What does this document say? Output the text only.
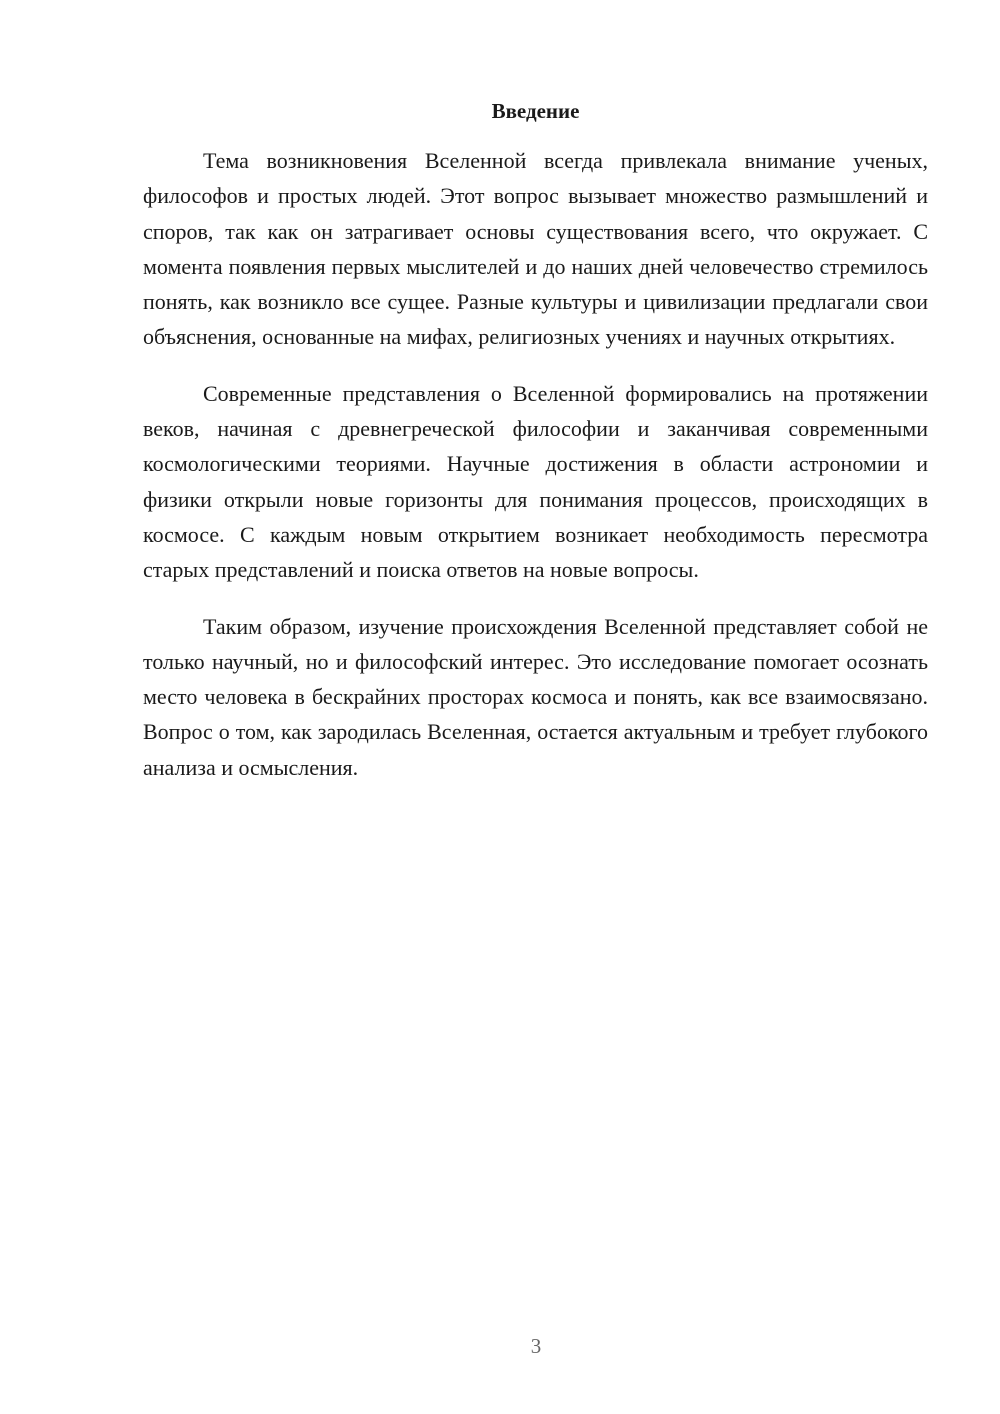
Введение

Тема возникновения Вселенной всегда привлекала внимание ученых, философов и простых людей. Этот вопрос вызывает множество размышлений и споров, так как он затрагивает основы существования всего, что окружает. С момента появления первых мыслителей и до наших дней человечество стремилось понять, как возникло все сущее. Разные культуры и цивилизации предлагали свои объяснения, основанные на мифах, религиозных учениях и научных открытиях.

Современные представления о Вселенной формировались на протяжении веков, начиная с древнегреческой философии и заканчивая современными космологическими теориями. Научные достижения в области астрономии и физики открыли новые горизонты для понимания процессов, происходящих в космосе. С каждым новым открытием возникает необходимость пересмотра старых представлений и поиска ответов на новые вопросы.

Таким образом, изучение происхождения Вселенной представляет собой не только научный, но и философский интерес. Это исследование помогает осознать место человека в бескрайних просторах космоса и понять, как все взаимосвязано. Вопрос о том, как зародилась Вселенная, остается актуальным и требует глубокого анализа и осмысления.

3
